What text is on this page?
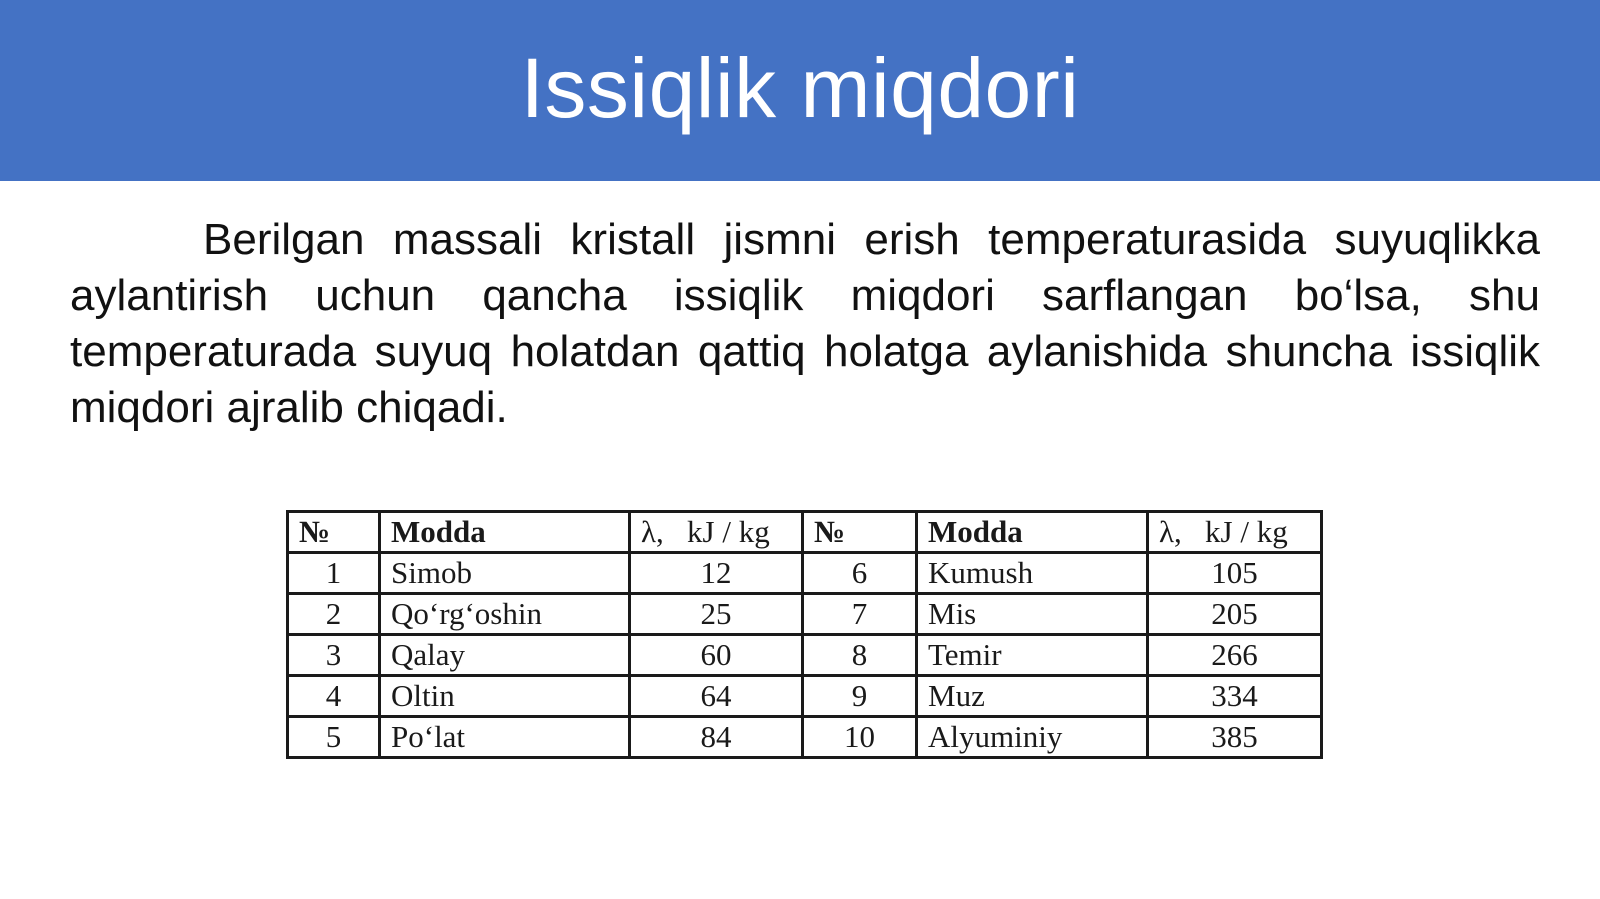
Issiqlik miqdori

Berilgan massali kristall jismni erish temperaturasida suyuqlikka aylantirish uchun qancha issiqlik miqdori sarflangan bo‘lsa, shu temperaturada suyuq holatdan qattiq holatga aylanishida shuncha issiqlik miqdori ajralib chiqadi.

№	Modda	λ,   kJ / kg	№	Modda	λ,   kJ / kg
1	Simob	12	6	Kumush	105
2	Qo‘rg‘oshin	25	7	Mis	205
3	Qalay	60	8	Temir	266
4	Oltin	64	9	Muz	334
5	Po‘lat	84	10	Alyuminiy	385
